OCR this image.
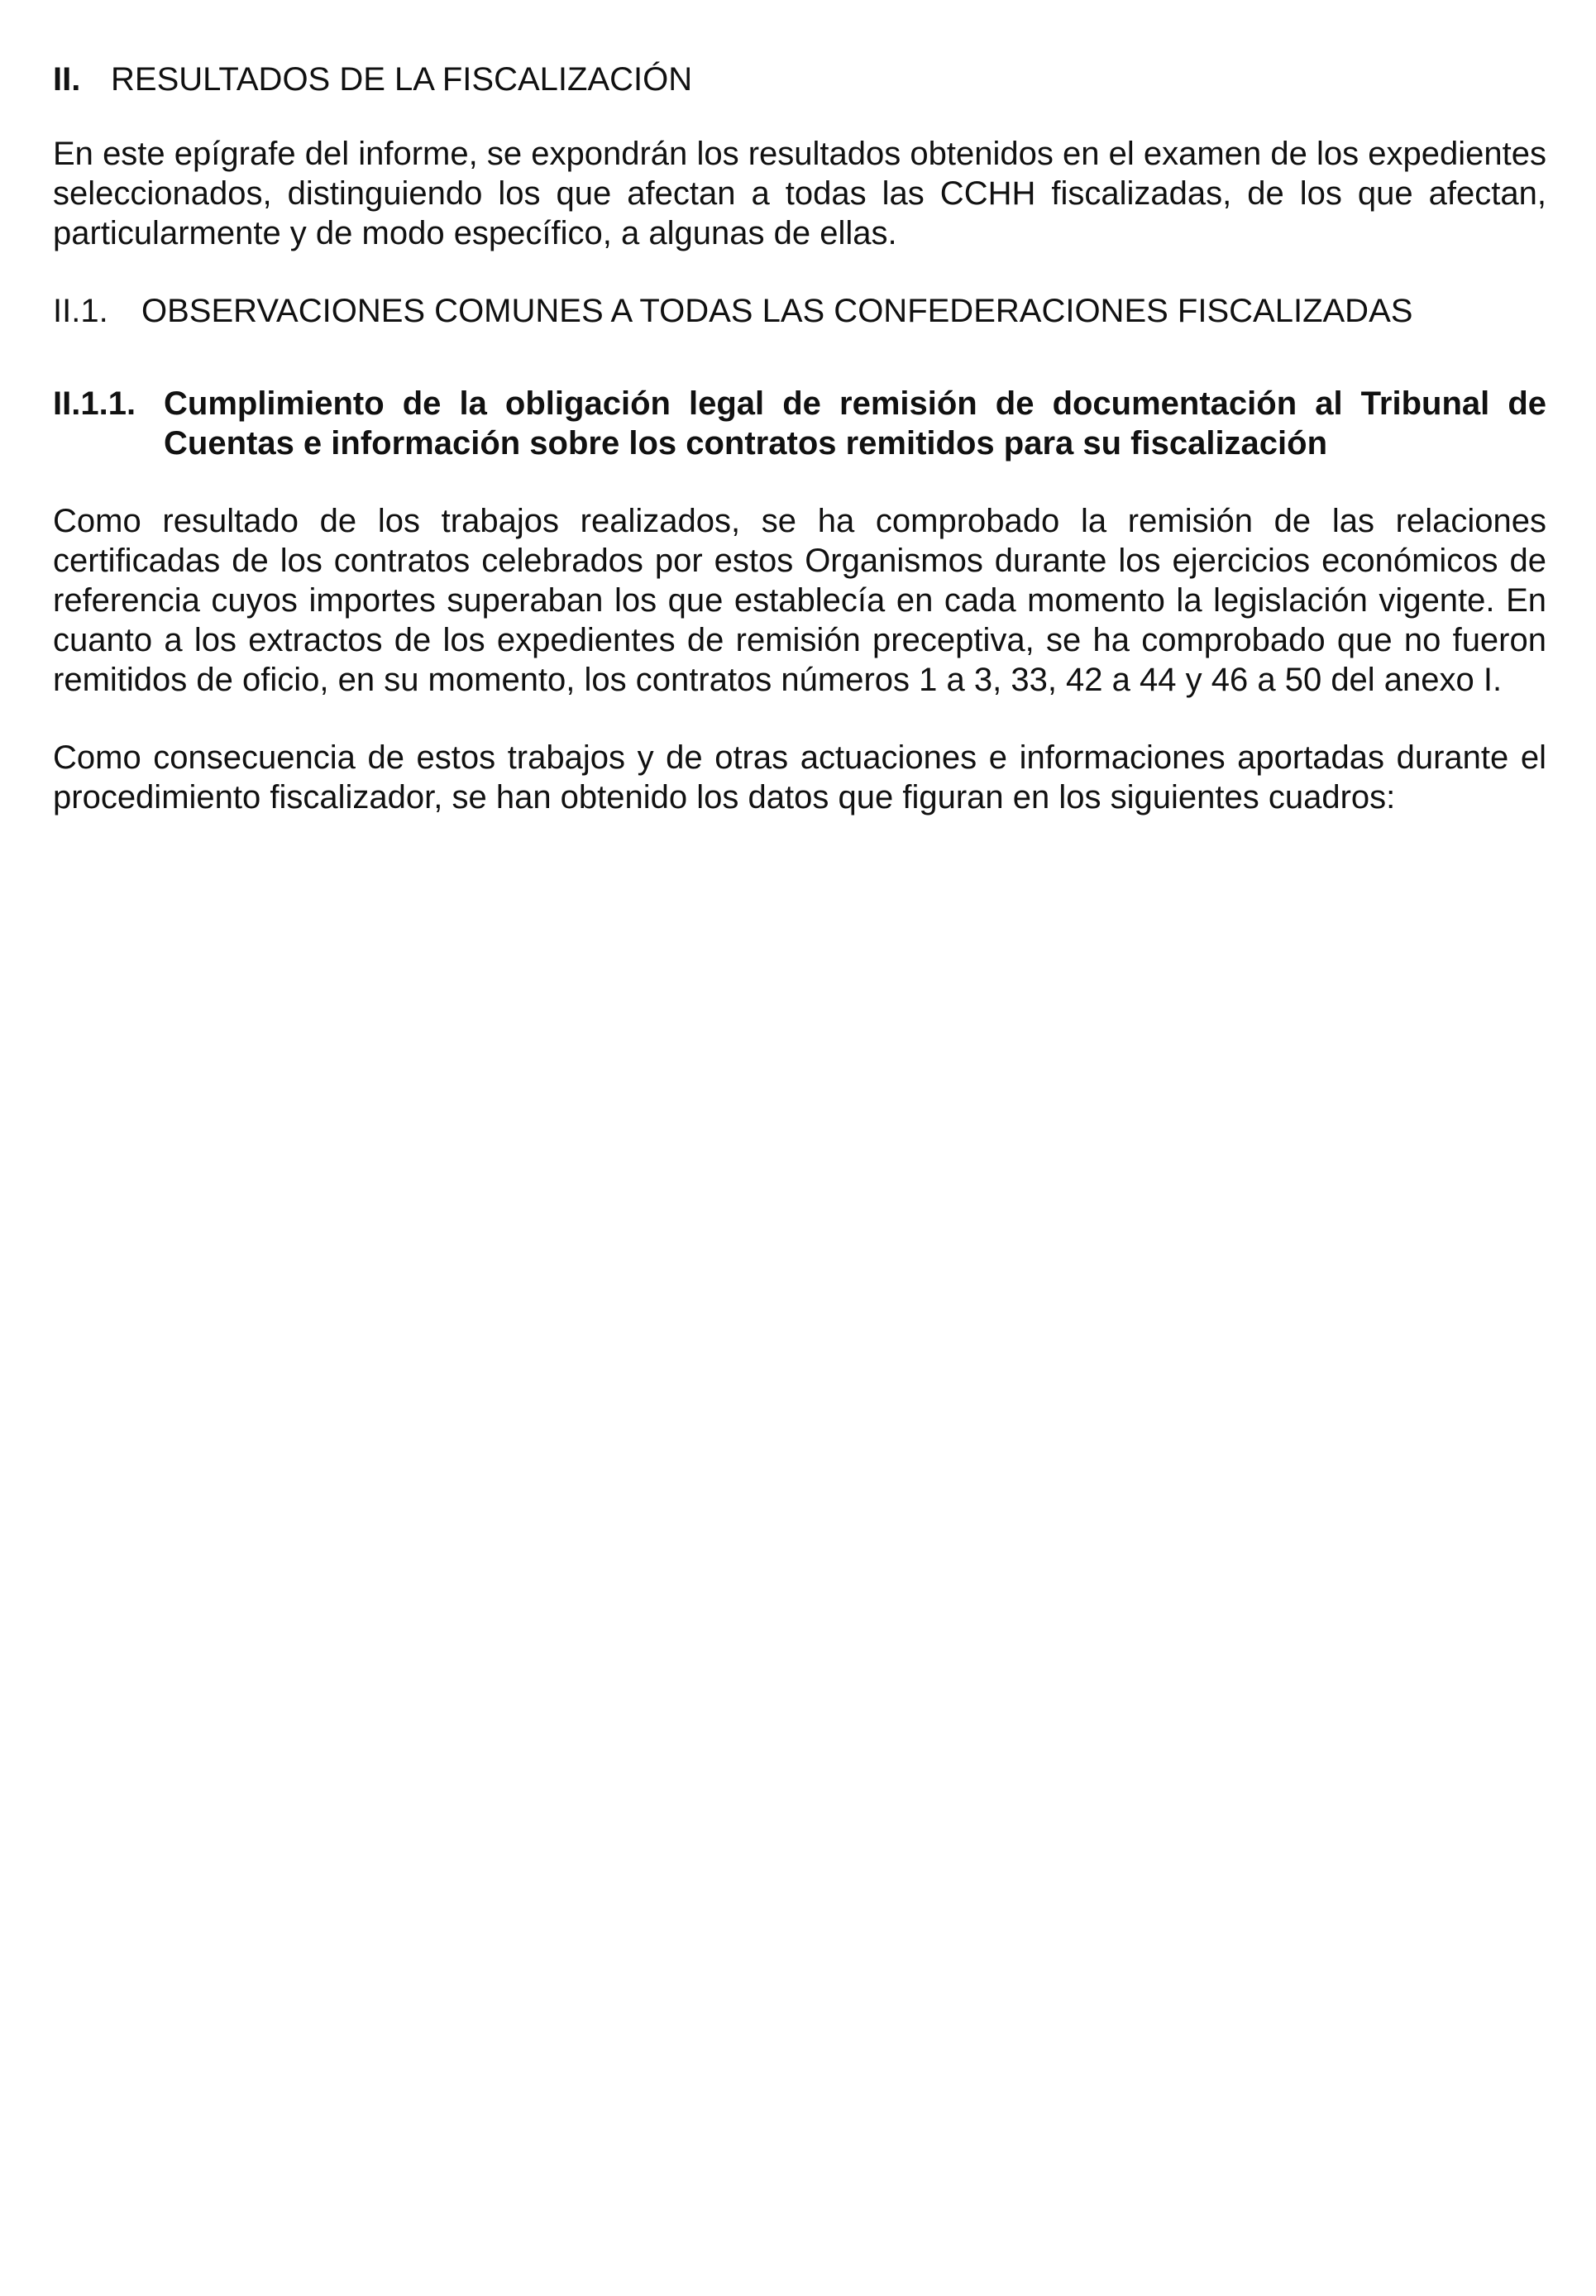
II. RESULTADOS DE LA FISCALIZACIÓN

En este epígrafe del informe, se expondrán los resultados obtenidos en el examen de los expedientes seleccionados, distinguiendo los que afectan a todas las CCHH fiscalizadas, de los que afectan, particularmente y de modo específico, a algunas de ellas.

II.1.	OBSERVACIONES COMUNES A TODAS LAS CONFEDERACIONES FISCALIZADAS
II.1.1. Cumplimiento de la obligación legal de remisión de documentación al Tribunal de
Cuentas e información sobre los contratos remitidos para su fiscalización

Como resultado de los trabajos realizados, se ha comprobado la remisión de las relaciones certificadas de los contratos celebrados por estos Organismos durante los ejercicios económicos de referencia cuyos importes superaban los que establecía en cada momento la legislación vigente. En cuanto a los extractos de los expedientes de remisión preceptiva, se ha comprobado que no fueron remitidos de oficio, en su momento, los contratos números 1 a 3, 33, 42 a 44 y 46 a 50 del anexo I.

Como consecuencia de estos trabajos y de otras actuaciones e informaciones aportadas durante el procedimiento fiscalizador, se han obtenido los datos que figuran en los siguientes cuadros:
